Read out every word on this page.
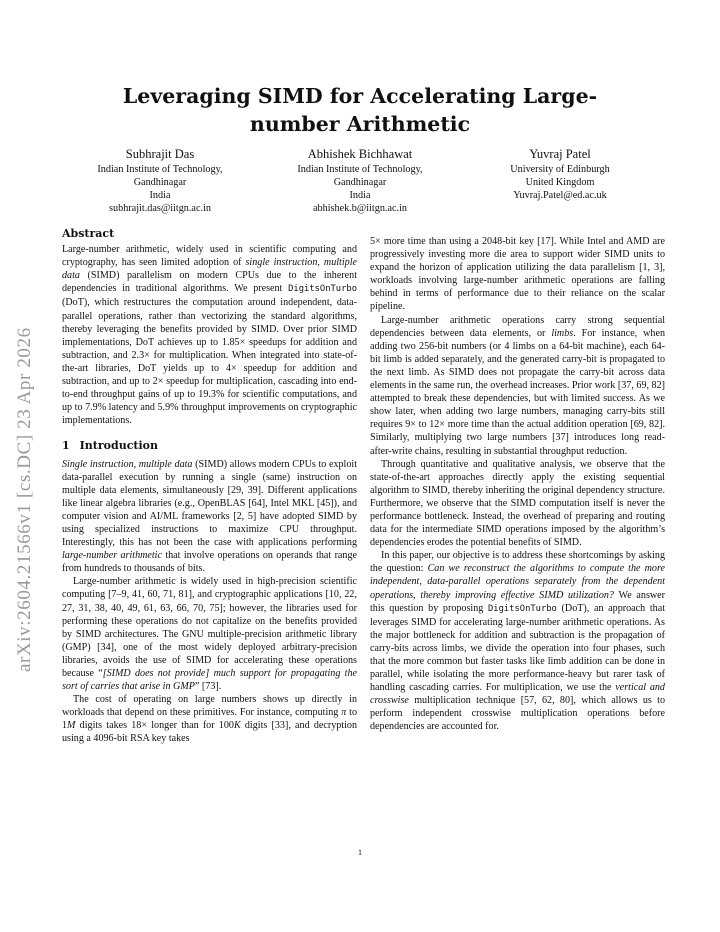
arXiv:2604.21566v1 [cs.DC] 23 Apr 2026
Leveraging SIMD for Accelerating Large-number Arithmetic
Subhrajit Das
Indian Institute of Technology,
Gandhinagar
India
subhrajit.das@iitgn.ac.in
Abhishek Bichhawat
Indian Institute of Technology,
Gandhinagar
India
abhishek.b@iitgn.ac.in
Yuvraj Patel
University of Edinburgh
United Kingdom
Yuvraj.Patel@ed.ac.uk
Abstract

Large-number arithmetic, widely used in scientific computing and cryptography, has seen limited adoption of single instruction, multiple data (SIMD) parallelism on modern CPUs due to the inherent dependencies in traditional algorithms. We present DigitsOnTurbo (DoT), which restructures the computation around independent, data-parallel operations, rather than vectorizing the standard algorithms, thereby leveraging the benefits provided by SIMD. Over prior SIMD implementations, DoT achieves up to 1.85× speedups for addition and subtraction, and 2.3× for multiplication. When integrated into state-of-the-art libraries, DoT yields up to 4× speedup for addition and subtraction, and up to 2× speedup for multiplication, cascading into end-to-end throughput gains of up to 19.3% for scientific computations, and up to 7.9% latency and 5.9% throughput improvements on cryptographic implementations.

1 Introduction

Single instruction, multiple data (SIMD) allows modern CPUs to exploit data-parallel execution by running a single (same) instruction on multiple data elements, simultaneously [29, 39]. Different applications like linear algebra libraries (e.g., OpenBLAS [64], Intel MKL [45]), and computer vision and AI/ML frameworks [2, 5] have adopted SIMD by using specialized instructions to maximize CPU throughput. Interestingly, this has not been the case with applications performing large-number arithmetic that involve operations on operands that range from hundreds to thousands of bits.

Large-number arithmetic is widely used in high-precision scientific computing [7–9, 41, 60, 71, 81], and cryptographic applications [10, 22, 27, 31, 38, 40, 49, 61, 63, 66, 70, 75]; however, the libraries used for performing these operations do not capitalize on the benefits provided by SIMD architectures. The GNU multiple-precision arithmetic library (GMP) [34], one of the most widely deployed arbitrary-precision libraries, avoids the use of SIMD for accelerating these operations because “[SIMD does not provide] much support for propagating the sort of carries that arise in GMP” [73].

The cost of operating on large numbers shows up directly in workloads that depend on these primitives. For instance, computing π to 1M digits takes 18× longer than for 100K digits [33], and decryption using a 4096-bit RSA key takes

5× more time than using a 2048-bit key [17]. While Intel and AMD are progressively investing more die area to support wider SIMD units to expand the horizon of application utilizing the data parallelism [1, 3], workloads involving large-number arithmetic operations are falling behind in terms of performance due to their reliance on the scalar pipeline.

Large-number arithmetic operations carry strong sequential dependencies between data elements, or limbs. For instance, when adding two 256-bit numbers (or 4 limbs on a 64-bit machine), each 64-bit limb is added separately, and the generated carry-bit is propagated to the next limb. As SIMD does not propagate the carry-bit across data elements in the same run, the overhead increases. Prior work [37, 69, 82] attempted to break these dependencies, but with limited success. As we show later, when adding two large numbers, managing carry-bits still requires 9× to 12× more time than the actual addition operation [69, 82]. Similarly, multiplying two large numbers [37] introduces long read-after-write chains, resulting in substantial throughput reduction.

Through quantitative and qualitative analysis, we observe that the state-of-the-art approaches directly apply the existing sequential algorithm to SIMD, thereby inheriting the original dependency structure. Furthermore, we observe that the SIMD computation itself is never the performance bottleneck. Instead, the overhead of preparing and routing data for the intermediate SIMD operations imposed by the algorithm’s dependencies erodes the potential benefits of SIMD.

In this paper, our objective is to address these shortcomings by asking the question: Can we reconstruct the algorithms to compute the more independent, data-parallel operations separately from the dependent operations, thereby improving effective SIMD utilization? We answer this question by proposing DigitsOnTurbo (DoT), an approach that leverages SIMD for accelerating large-number arithmetic operations. As the major bottleneck for addition and subtraction is the propagation of carry-bits across limbs, we divide the operation into four phases, such that the more common but faster tasks like limb addition can be done in parallel, while isolating the more performance-heavy but rarer task of handling cascading carries. For multiplication, we use the vertical and crosswise multiplication technique [57, 62, 80], which allows us to perform independent crosswise multiplication operations before dependencies are accounted for.

1
